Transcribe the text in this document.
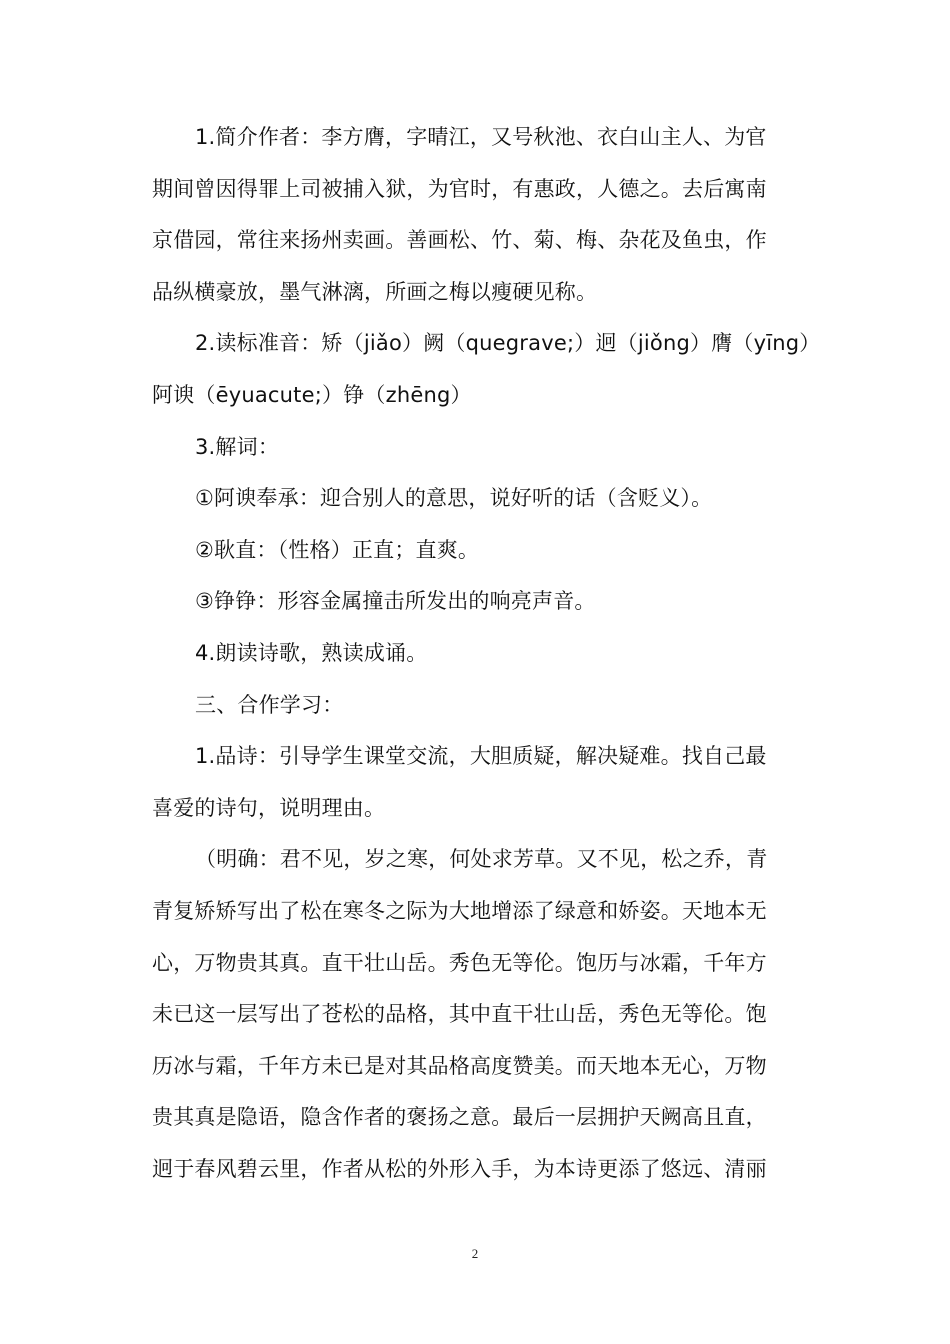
1.简介作者：李方膺，字晴江，又号秋池、衣白山主人、为官
期间曾因得罪上司被捕入狱，为官时，有惠政，人德之。去后寓南
京借园，常往来扬州卖画。善画松、竹、菊、梅、杂花及鱼虫，作
品纵横豪放，墨气淋漓，所画之梅以瘦硬见称。
2.读标准音：矫（jiǎo）阙（quegrave;）迥（jiǒng）膺（yīng）
阿谀（ēyuacute;）铮（zhēng）
3.解词：
①阿谀奉承：迎合别人的意思，说好听的话（含贬义）。
②耿直：（性格）正直；直爽。
③铮铮：形容金属撞击所发出的响亮声音。
4.朗读诗歌，熟读成诵。
三、合作学习：
1.品诗：引导学生课堂交流，大胆质疑，解决疑难。找自己最
喜爱的诗句，说明理由。
（明确：君不见，岁之寒，何处求芳草。又不见，松之乔，青
青复矫矫写出了松在寒冬之际为大地增添了绿意和娇姿。天地本无
心，万物贵其真。直干壮山岳。秀色无等伦。饱历与冰霜，千年方
未已这一层写出了苍松的品格，其中直干壮山岳，秀色无等伦。饱
历冰与霜，千年方未已是对其品格高度赞美。而天地本无心，万物
贵其真是隐语，隐含作者的褒扬之意。最后一层拥护天阙高且直，
迥于春风碧云里，作者从松的外形入手，为本诗更添了悠远、清丽
2
